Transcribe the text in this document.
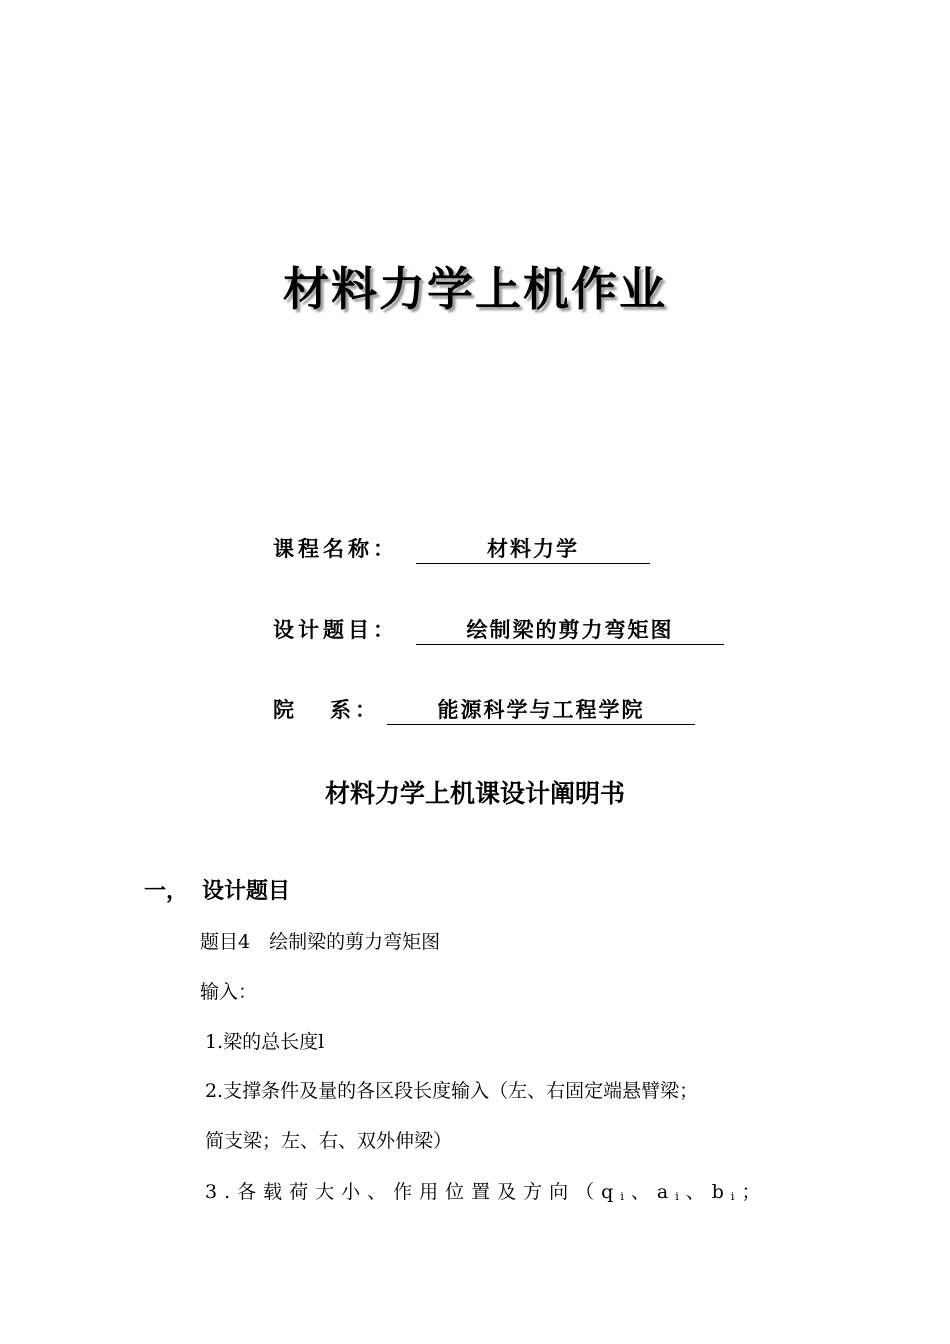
材料力学上机作业
课程名称：	材料力学
设计题目：	绘制梁的剪力弯矩图
院 系：	能源科学与工程学院
材料力学上机课设计阐明书
一， 设计题目
题目4　绘制梁的剪力弯矩图
输入：
1.梁的总长度l
2.支撑条件及量的各区段长度输入（左、右固定端悬臂梁；
简支梁；左、右、双外伸梁）
3.各载荷大小、作用位置及方向（$q_i$、$a_i$、$b_i$；
